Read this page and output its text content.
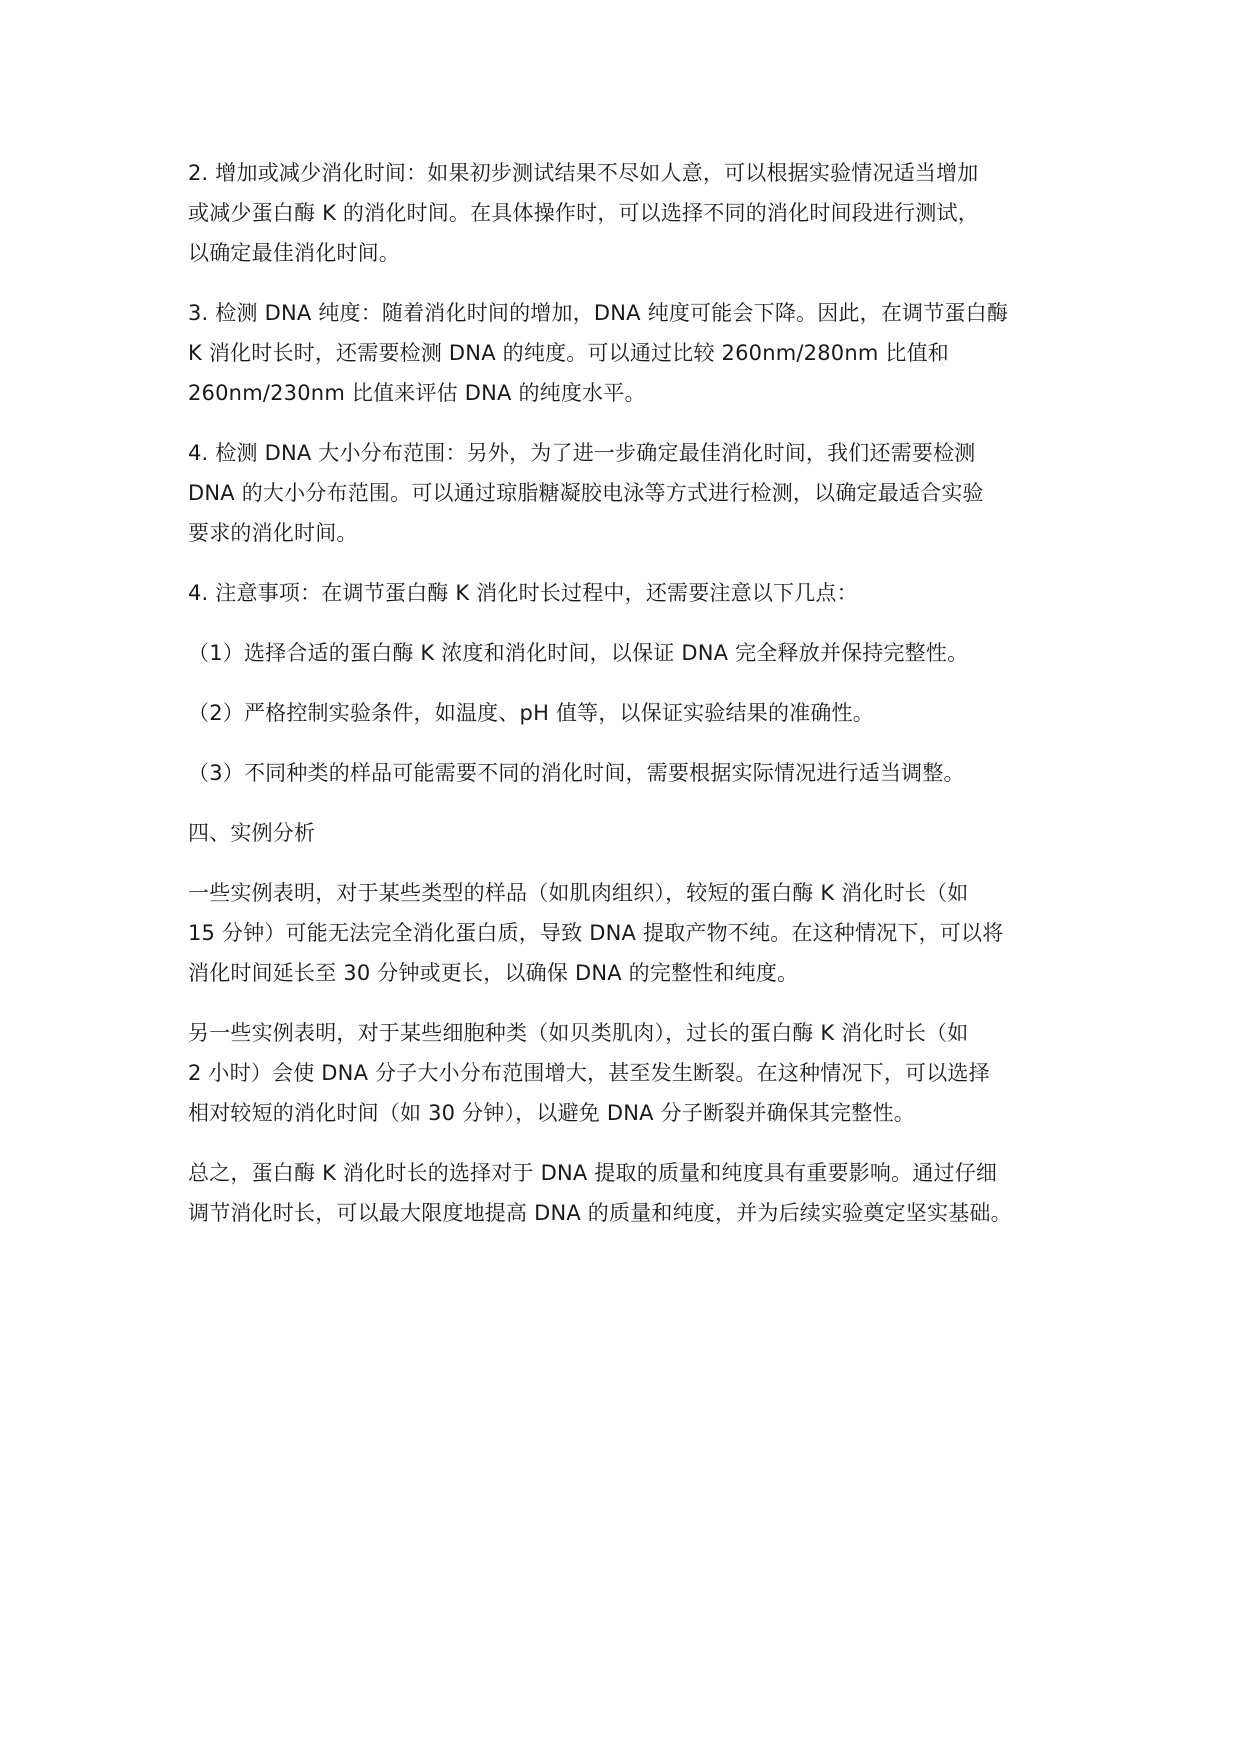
2. 增加或减少消化时间：如果初步测试结果不尽如人意，可以根据实验情况适当增加
或减少蛋白酶 K 的消化时间。在具体操作时，可以选择不同的消化时间段进行测试，
以确定最佳消化时间。
3. 检测 DNA 纯度：随着消化时间的增加，DNA 纯度可能会下降。因此，在调节蛋白酶
K 消化时长时，还需要检测 DNA 的纯度。可以通过比较 260nm/280nm 比值和
260nm/230nm 比值来评估 DNA 的纯度水平。
4. 检测 DNA 大小分布范围：另外，为了进一步确定最佳消化时间，我们还需要检测
DNA 的大小分布范围。可以通过琼脂糖凝胶电泳等方式进行检测，以确定最适合实验
要求的消化时间。
4. 注意事项：在调节蛋白酶 K 消化时长过程中，还需要注意以下几点：
（1）选择合适的蛋白酶 K 浓度和消化时间，以保证 DNA 完全释放并保持完整性。
（2）严格控制实验条件，如温度、pH 值等，以保证实验结果的准确性。
（3）不同种类的样品可能需要不同的消化时间，需要根据实际情况进行适当调整。
四、实例分析
一些实例表明，对于某些类型的样品（如肌肉组织），较短的蛋白酶 K 消化时长（如
15 分钟）可能无法完全消化蛋白质，导致 DNA 提取产物不纯。在这种情况下，可以将
消化时间延长至 30 分钟或更长，以确保 DNA 的完整性和纯度。
另一些实例表明，对于某些细胞种类（如贝类肌肉），过长的蛋白酶 K 消化时长（如
2 小时）会使 DNA 分子大小分布范围增大，甚至发生断裂。在这种情况下，可以选择
相对较短的消化时间（如 30 分钟），以避免 DNA 分子断裂并确保其完整性。
总之，蛋白酶 K 消化时长的选择对于 DNA 提取的质量和纯度具有重要影响。通过仔细
调节消化时长，可以最大限度地提高 DNA 的质量和纯度，并为后续实验奠定坚实基础。
